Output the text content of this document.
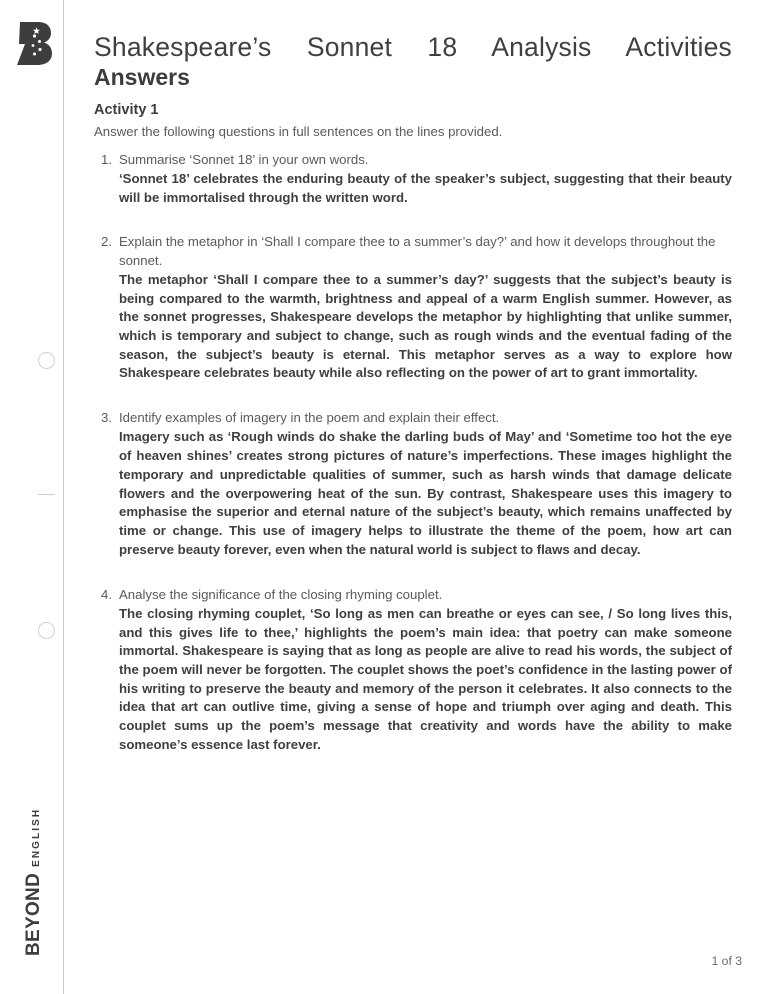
BEYOND
ENGLISH
Shakespeare’s Sonnet 18 Analysis Activities
Answers
Activity 1

Answer the following questions in full sentences on the lines provided.

1. Summarise ‘Sonnet 18’ in your own words.

‘Sonnet 18’ celebrates the enduring beauty of the speaker’s subject, suggesting that their beauty will be immortalised through the written word.

2. Explain the metaphor in ‘Shall I compare thee to a summer’s day?’ and how it develops throughout the sonnet.

The metaphor ‘Shall I compare thee to a summer’s day?’ suggests that the subject’s beauty is being compared to the warmth, brightness and appeal of a warm English summer. However, as the sonnet progresses, Shakespeare develops the metaphor by highlighting that unlike summer, which is temporary and subject to change, such as rough winds and the eventual fading of the season, the subject’s beauty is eternal. This metaphor serves as a way to explore how Shakespeare celebrates beauty while also reflecting on the power of art to grant immortality.

3. Identify examples of imagery in the poem and explain their effect.

Imagery such as ‘Rough winds do shake the darling buds of May’ and ‘Sometime too hot the eye of heaven shines’ creates strong pictures of nature’s imperfections. These images highlight the temporary and unpredictable qualities of summer, such as harsh winds that damage delicate flowers and the overpowering heat of the sun. By contrast, Shakespeare uses this imagery to emphasise the superior and eternal nature of the subject’s beauty, which remains unaffected by time or change. This use of imagery helps to illustrate the theme of the poem, how art can preserve beauty forever, even when the natural world is subject to flaws and decay.

4. Analyse the significance of the closing rhyming couplet.

The closing rhyming couplet, ‘So long as men can breathe or eyes can see, / So long lives this, and this gives life to thee,’ highlights the poem’s main idea: that poetry can make someone immortal. Shakespeare is saying that as long as people are alive to read his words, the subject of the poem will never be forgotten. The couplet shows the poet’s confidence in the lasting power of his writing to preserve the beauty and memory of the person it celebrates. It also connects to the idea that art can outlive time, giving a sense of hope and triumph over aging and death. This couplet sums up the poem’s message that creativity and words have the ability to make someone’s essence last forever.

1 of 3
